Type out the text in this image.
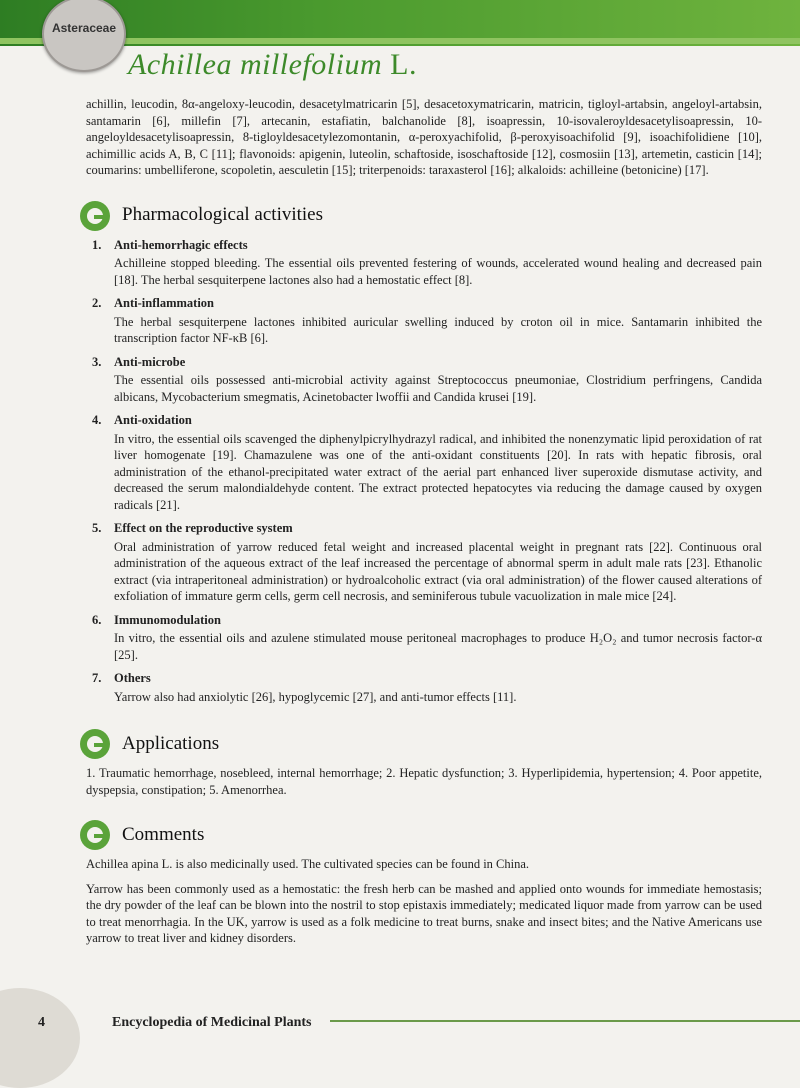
Asteraceae
Achillea millefolium L.

achillin, leucodin, 8α-angeloxy-leucodin, desacetylmatricarin [5], desacetoxymatricarin, matricin, tigloyl-artabsin, angeloyl-artabsin, santamarin [6], millefin [7], artecanin, estafiatin, balchanolide [8], isoapressin, 10-isovaleroyldesacetylisoapressin, 10-angeloyldesacetylisoapressin, 8-tigloyldesacetylezomontanin, α-peroxyachifolid, β-peroxyisoachifolid [9], isoachifolidiene [10], achimillic acids A, B, C [11]; flavonoids: apigenin, luteolin, schaftoside, isoschaftoside [12], cosmosiin [13], artemetin, casticin [14]; coumarins: umbelliferone, scopoletin, aesculetin [15]; triterpenoids: taraxasterol [16]; alkaloids: achilleine (betonicine) [17].

Pharmacological activities
1. Anti-hemorrhagic effects

Achilleine stopped bleeding. The essential oils prevented festering of wounds, accelerated wound healing and decreased pain [18]. The herbal sesquiterpene lactones also had a hemostatic effect [8].

2. Anti-inflammation

The herbal sesquiterpene lactones inhibited auricular swelling induced by croton oil in mice. Santamarin inhibited the transcription factor NF-κB [6].

3. Anti-microbe

The essential oils possessed anti-microbial activity against Streptococcus pneumoniae, Clostridium perfringens, Candida albicans, Mycobacterium smegmatis, Acinetobacter lwoffii and Candida krusei [19].

4. Anti-oxidation

In vitro, the essential oils scavenged the diphenylpicrylhydrazyl radical, and inhibited the nonenzymatic lipid peroxidation of rat liver homogenate [19]. Chamazulene was one of the anti-oxidant constituents [20]. In rats with hepatic fibrosis, oral administration of the ethanol-precipitated water extract of the aerial part enhanced liver superoxide dismutase activity, and decreased the serum malondialdehyde content. The extract protected hepatocytes via reducing the damage caused by oxygen radicals [21].

5. Effect on the reproductive system

Oral administration of yarrow reduced fetal weight and increased placental weight in pregnant rats [22]. Continuous oral administration of the aqueous extract of the leaf increased the percentage of abnormal sperm in adult male rats [23]. Ethanolic extract (via intraperitoneal administration) or hydroalcoholic extract (via oral administration) of the flower caused alterations of exfoliation of immature germ cells, germ cell necrosis, and seminiferous tubule vacuolization in male mice [24].

6. Immunomodulation

In vitro, the essential oils and azulene stimulated mouse peritoneal macrophages to produce H₂O₂ and tumor necrosis factor-α [25].

7. Others

Yarrow also had anxiolytic [26], hypoglycemic [27], and anti-tumor effects [11].

Applications

1. Traumatic hemorrhage, nosebleed, internal hemorrhage; 2. Hepatic dysfunction; 3. Hyperlipidemia, hypertension; 4. Poor appetite, dyspepsia, constipation; 5. Amenorrhea.

Comments

Achillea apina L. is also medicinally used. The cultivated species can be found in China.

Yarrow has been commonly used as a hemostatic: the fresh herb can be mashed and applied onto wounds for immediate hemostasis; the dry powder of the leaf can be blown into the nostril to stop epistaxis immediately; medicated liquor made from yarrow can be used to treat menorrhagia. In the UK, yarrow is used as a folk medicine to treat burns, snake and insect bites; and the Native Americans use yarrow to treat liver and kidney disorders.

4	Encyclopedia of Medicinal Plants
